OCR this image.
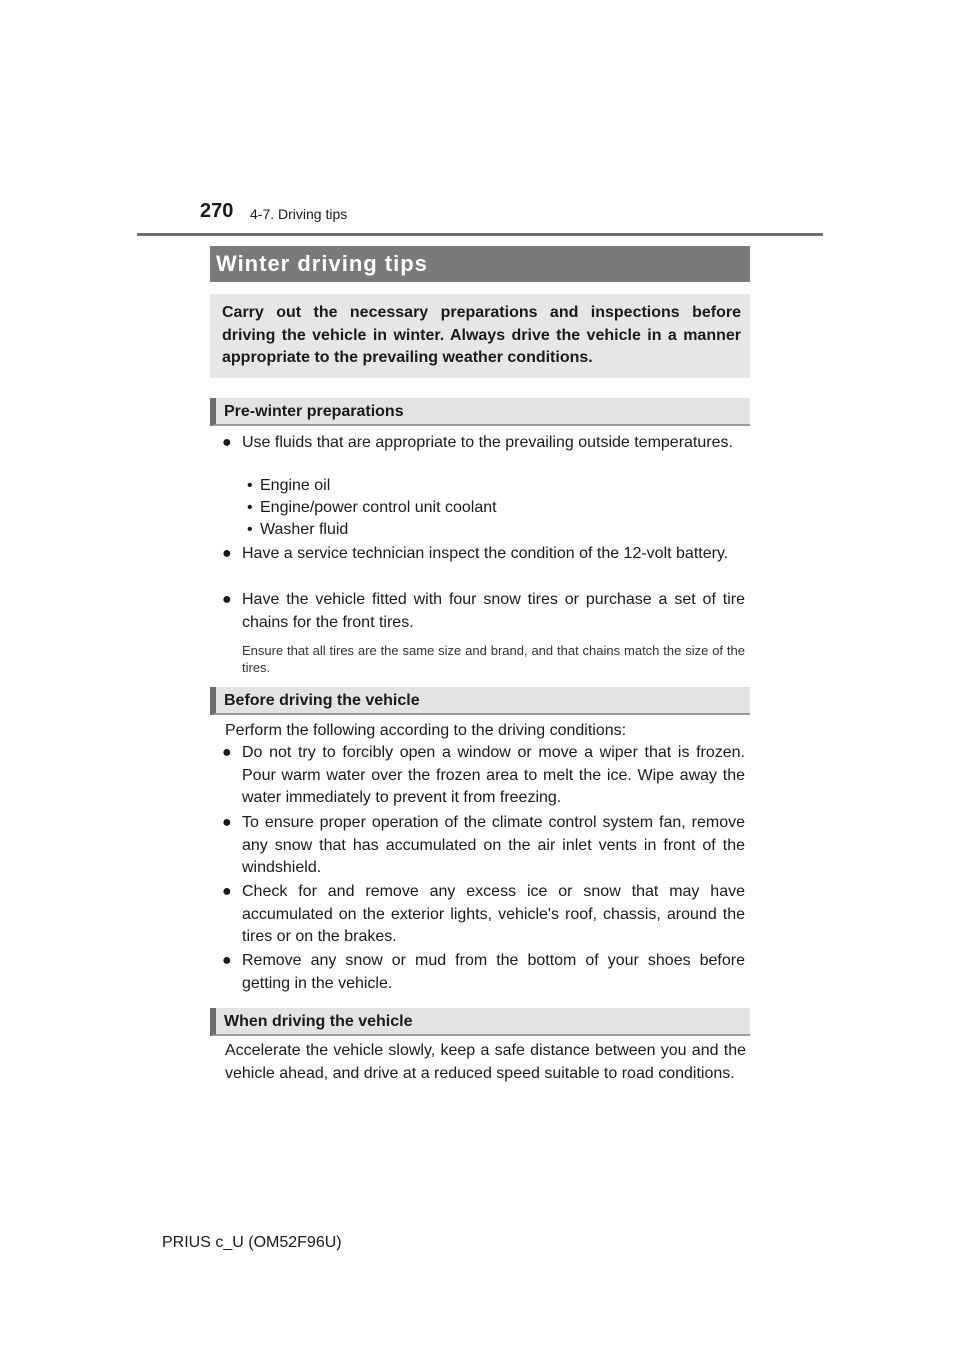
270 4-7. Driving tips
Winter driving tips

Carry out the necessary preparations and inspections before driving the vehicle in winter. Always drive the vehicle in a manner appropriate to the prevailing weather conditions.

Pre-winter preparations
● Use fluids that are appropriate to the prevailing outside temperatures.
• Engine oil
• Engine/power control unit coolant
• Washer fluid
● Have a service technician inspect the condition of the 12-volt battery.
● Have the vehicle fitted with four snow tires or purchase a set of tire chains for the front tires.
Ensure that all tires are the same size and brand, and that chains match the size of the tires.
Before driving the vehicle
Perform the following according to the driving conditions:
● Do not try to forcibly open a window or move a wiper that is frozen. Pour warm water over the frozen area to melt the ice. Wipe away the water immediately to prevent it from freezing.
● To ensure proper operation of the climate control system fan, remove any snow that has accumulated on the air inlet vents in front of the windshield.
● Check for and remove any excess ice or snow that may have accumulated on the exterior lights, vehicle's roof, chassis, around the tires or on the brakes.
● Remove any snow or mud from the bottom of your shoes before getting in the vehicle.
When driving the vehicle
Accelerate the vehicle slowly, keep a safe distance between you and the vehicle ahead, and drive at a reduced speed suitable to road conditions.
PRIUS c_U (OM52F96U)
